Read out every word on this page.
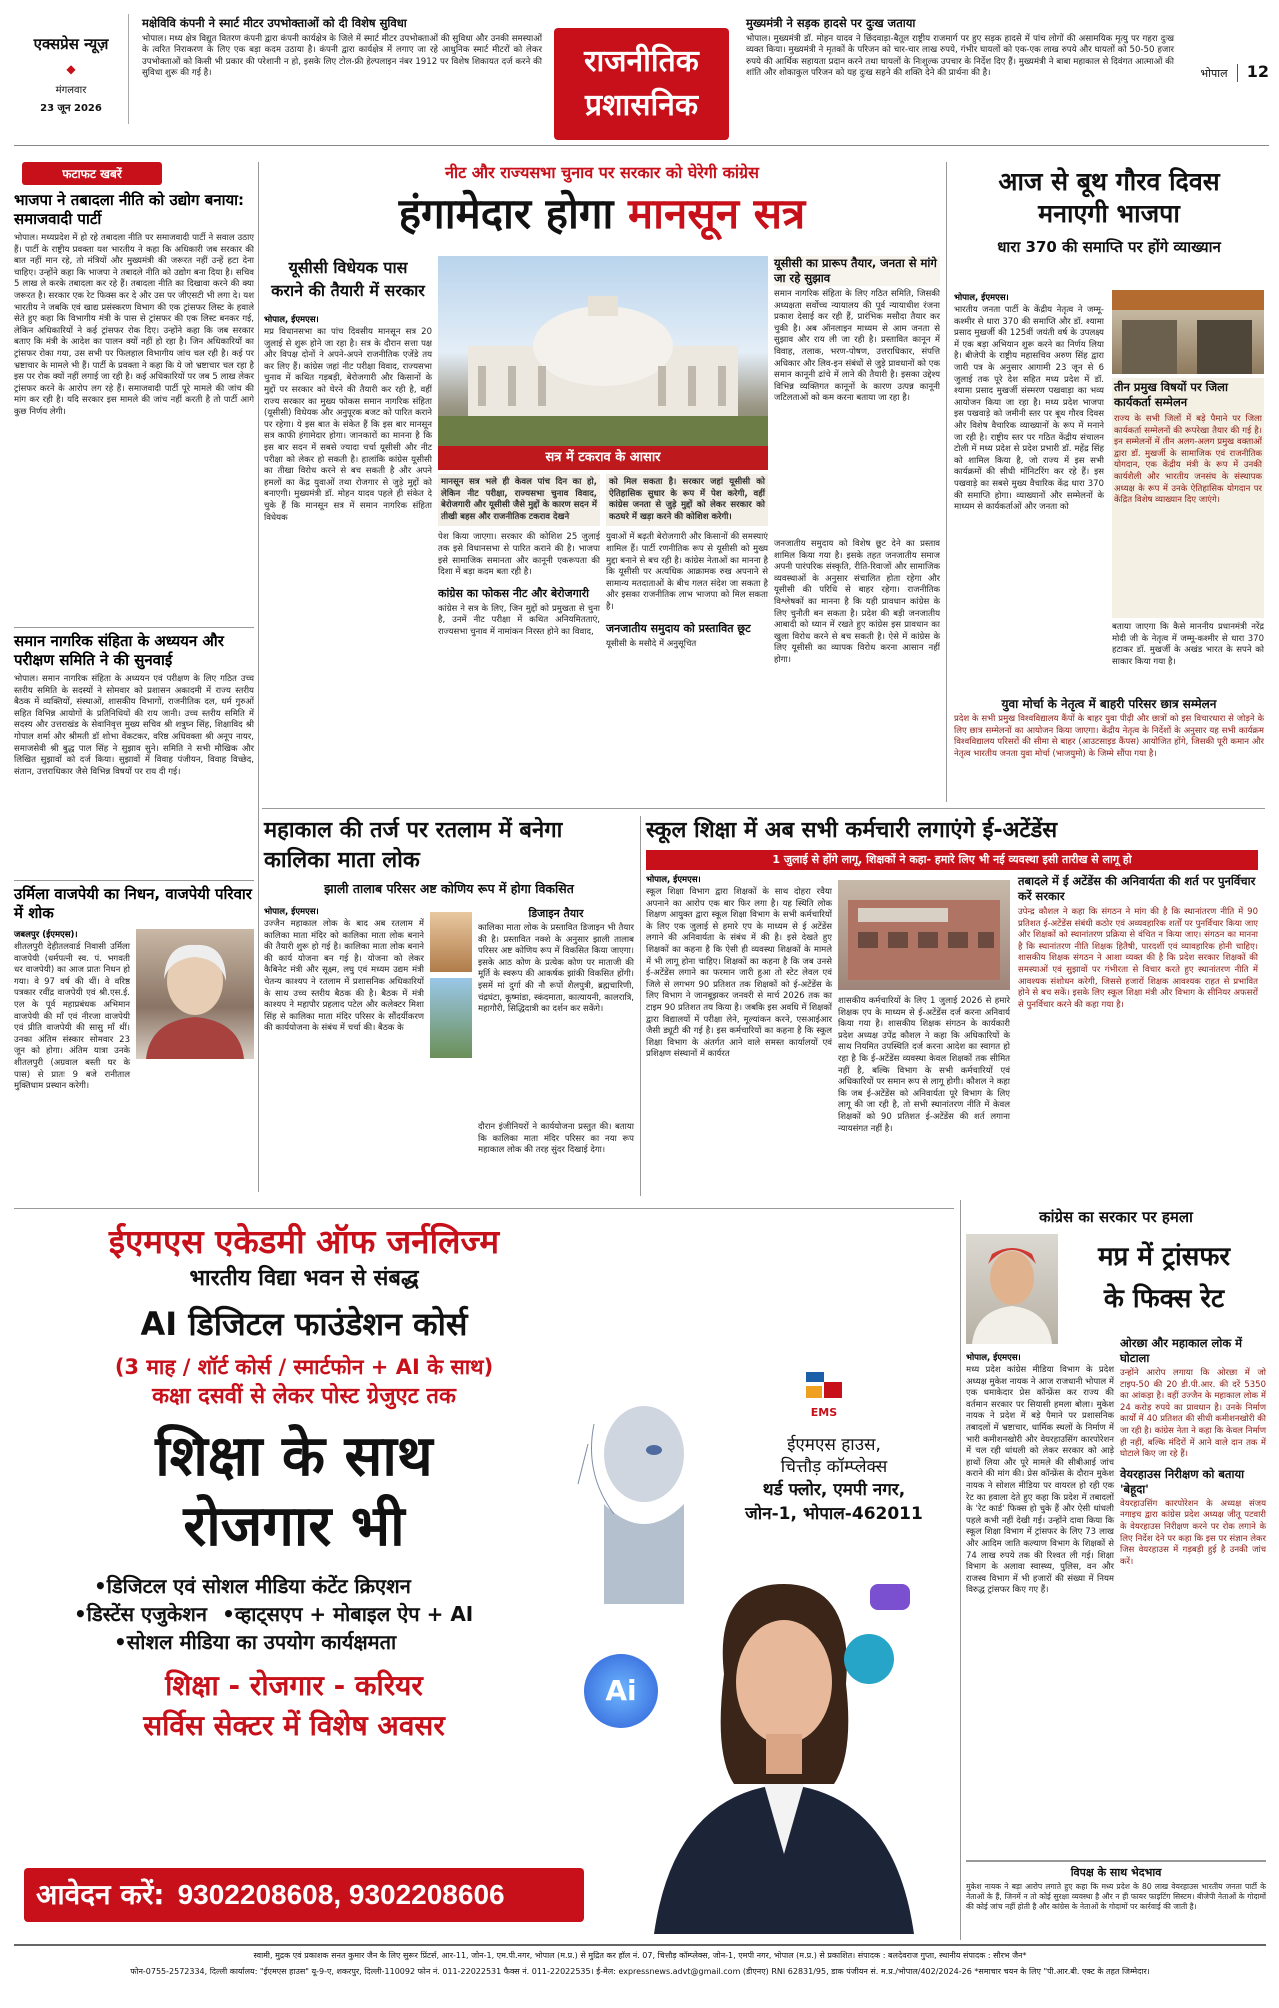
एक्सप्रेस न्यूज़
◆
मंगलवार
23 जून 2026
मक्षेविवि कंपनी ने स्मार्ट मीटर उपभोक्ताओं को दी विशेष सुविधा
भोपाल। मध्य क्षेत्र विद्युत वितरण कंपनी द्वारा कंपनी कार्यक्षेत्र के जिले में स्मार्ट मीटर उपभोक्ताओं की सुविधा और उनकी समस्याओं के त्वरित निराकरण के लिए एक बड़ा कदम उठाया है। कंपनी द्वारा कार्यक्षेत्र में लगाए जा रहे आधुनिक स्मार्ट मीटरों को लेकर उपभोक्ताओं को किसी भी प्रकार की परेशानी न हो, इसके लिए टोल-फ्री हेल्पलाइन नंबर 1912 पर विशेष शिकायत दर्ज करने की सुविधा शुरू की गई है।	राजनीतिक प्रशासनिक
मुख्यमंत्री ने सड़क हादसे पर दुःख जताया
भोपाल। मुख्यमंत्री डॉ. मोहन यादव ने छिंदवाड़ा-बैतूल राष्ट्रीय राजमार्ग पर हुए सड़क हादसे में पांच लोगों की असामयिक मृत्यु पर गहरा दुःख व्यक्त किया। मुख्यमंत्री ने मृतकों के परिजन को चार-चार लाख रुपये, गंभीर घायलों को एक-एक लाख रुपये और घायलों को 50-50 हजार रुपये की आर्थिक सहायता प्रदान करने तथा घायलों के निःशुल्क उपचार के निर्देश दिए हैं। मुख्यमंत्री ने बाबा महाकाल से दिवंगत आत्माओं की शांति और शोकाकुल परिजन को यह दुःख सहने की शक्ति देने की प्रार्थना की है।	भोपाल 12
फटाफट खबरें
भाजपा ने तबादला नीति को उद्योग बनाया: समाजवादी पार्टी
भोपाल। मध्यप्रदेश में हो रहे तबादला नीति पर समाजवादी पार्टी ने सवाल उठाए हैं। पार्टी के राष्ट्रीय प्रवक्ता यश भारतीय ने कहा कि अधिकारी जब सरकार की बात नहीं मान रहे, तो मंत्रियों और मुख्यमंत्री की जरूरत नहीं उन्हें हटा देना चाहिए। उन्होंने कहा कि भाजपा ने तबादले नीति को उद्योग बना दिया है। सचिव 5 लाख ले करके तबादला कर रहे हैं। तबादला नीति का दिखावा करने की क्या जरूरत है। सरकार एक रेट फिक्स कर दे और उस पर जीएसटी भी लगा दे। यश भारतीय ने जबकि एवं खाद्य प्रसंस्करण विभाग की एक ट्रांसफर लिस्ट के हवाले सेते हुए कहा कि विभागीय मंत्री के पास से ट्रांसफर की एक लिस्ट बनकर गई, लेकिन अधिकारियों ने कई ट्रांसफर रोक दिए। उन्होंने कहा कि जब सरकार बताए कि मंत्री के आदेश का पालन क्यों नहीं हो रहा है। जिन अधिकारियों का ट्रांसफर रोका गया, उस सभी पर फिलहाल विभागीय जांच चल रही है। कई पर भ्रष्टाचार के मामले भी हैं। पार्टी के प्रवक्ता ने कहा कि ये जो भ्रष्टाचार चल रहा है इस पर रोक क्यों नहीं लगाई जा रही है। कई अधिकारियों पर जब 5 लाख लेकर ट्रांसफर करने के आरोप लग रहे हैं। समाजवादी पार्टी पूरे मामले की जांच की मांग कर रही है। यदि सरकार इस मामले की जांच नहीं करती है तो पार्टी आगे कुछ निर्णय लेगी।
समान नागरिक संहिता के अध्ययन और परीक्षण समिति ने की सुनवाई
भोपाल। समान नागरिक संहिता के अध्ययन एवं परीक्षण के लिए गठित उच्च स्तरीय समिति के सदस्यों ने सोमवार को प्रशासन अकादमी में राज्य स्तरीय बैठक में व्यक्तियों, संस्थाओं, शासकीय विभागों, राजनीतिक दल, धर्म गुरुओं सहित विभिन्न आयोगों के प्रतिनिधियों की राय जानी। उच्च स्तरीय समिति में सदस्य और उत्तराखंड के सेवानिवृत्त मुख्य सचिव श्री शत्रुघ्न सिंह, शिक्षाविद श्री गोपाल शर्मा और श्रीमती डॉ शोभा वेंकटकर, वरिष्ठ अधिवक्ता श्री अनूप नायर, समाजसेवी श्री बुद्ध पाल सिंह ने सुझाव सुने। समिति ने सभी मौखिक और लिखित सुझावों को दर्ज किया। सुझावों में विवाह पंजीयन, विवाह विच्छेद, संतान, उत्तराधिकार जैसे विभिन्न विषयों पर राय दी गई।
उर्मिला वाजपेयी का निधन, वाजपेयी परिवार में शोक
जबलपुर (ईएमएस)।
शीतलपुरी देहीतलवार्ड निवासी उर्मिला वाजपेयी (धर्मपत्नी स्व. पं. भगवती धर वाजपेयी) का आज प्रातः निधन हो गया। वे 97 वर्ष की थीं। वे वरिष्ठ पत्रकार रवींद्र वाजपेयी एवं श्री.एस.ई. एल के पूर्व महाप्रबंधक अभिमान वाजपेयी की माँ एवं नीरजा वाजपेयी एवं प्रीति वाजपेयी की सासु माँ थीं। उनका अंतिम संस्कार सोमवार 23 जून को होगा। अंतिम यात्रा उनके शीतलपुरी (अग्रवाल बस्ती घर के पास) से प्रातः 9 बजे रानीताल मुक्तिधाम प्रस्थान करेगी।
नीट और राज्यसभा चुनाव पर सरकार को घेरेगी कांग्रेस
हंगामेदार होगा मानसून सत्र
यूसीसी विधेयक पास कराने की तैयारी में सरकार
भोपाल, ईएमएस।
मप्र विधानसभा का पांच दिवसीय मानसून सत्र 20 जुलाई से शुरू होने जा रहा है। सत्र के दौरान सत्ता पक्ष और विपक्ष दोनों ने अपने-अपने राजनीतिक एजेंडे तय कर लिए हैं। कांग्रेस जहां नीट परीक्षा विवाद, राज्यसभा चुनाव में कथित गड़बड़ी, बेरोजगारी और किसानों के मुद्दों पर सरकार को घेरने की तैयारी कर रही है, वहीं राज्य सरकार का मुख्य फोकस समान नागरिक संहिता (यूसीसी) विधेयक और अनुपूरक बजट को पारित कराने पर रहेगा। ये इस बात के संकेत हैं कि इस बार मानसून सत्र काफी हंगामेदार होगा। जानकारों का मानना है कि इस बार सदन में सबसे ज्यादा चर्चा यूसीसी और नीट परीक्षा को लेकर हो सकती है। हालांकि कांग्रेस यूसीसी का तीखा विरोध करने से बच सकती है और अपने हमलों का केंद्र युवाओं तथा रोजगार से जुड़े मुद्दों को बनाएगी। मुख्यमंत्री डॉ. मोहन यादव पहले ही संकेत दे चुके हैं कि मानसून सत्र में समान नागरिक संहिता विधेयक
सत्र में टकराव के आसार
मानसून सत्र भले ही केवल पांच दिन का हो, लेकिन नीट परीक्षा, राज्यसभा चुनाव विवाद, बेरोजगारी और यूसीसी जैसे मुद्दों के कारण सदन में तीखी बहस और राजनीतिक टकराव देखने
पेश किया जाएगा। सरकार की कोशिश 25 जुलाई तक इसे विधानसभा से पारित कराने की है। भाजपा इसे सामाजिक समानता और कानूनी एकरूपता की दिशा में बड़ा कदम बता रही है।
कांग्रेस का फोकस नीट और बेरोजगारी
कांग्रेस ने सत्र के लिए, जिन मुद्दों को प्रमुखता से चुना है, उनमें नीट परीक्षा में कथित अनियमितताएं, राज्यसभा चुनाव में नामांकन निरस्त होने का विवाद,
को मिल सकता है। सरकार जहां यूसीसी को ऐतिहासिक सुधार के रूप में पेश करेगी, वहीं कांग्रेस जनता से जुड़े मुद्दों को लेकर सरकार को कठघरे में खड़ा करने की कोशिश करेगी।
युवाओं में बढ़ती बेरोजगारी और किसानों की समस्याएं शामिल हैं। पार्टी रणनीतिक रूप से यूसीसी को मुख्य मुद्दा बनाने से बच रही है। कांग्रेस नेताओं का मानना है कि यूसीसी पर अत्यधिक आक्रामक रुख अपनाने से सामान्य मतदाताओं के बीच गलत संदेश जा सकता है और इसका राजनीतिक लाभ भाजपा को मिल सकता है।
जनजातीय समुदाय को प्रस्तावित छूट
यूसीसी के मसौदे में अनुसूचित
यूसीसी का प्रारूप तैयार, जनता से मांगे जा रहे सुझाव
समान नागरिक संहिता के लिए गठित समिति, जिसकी अध्यक्षता सर्वोच्च न्यायालय की पूर्व न्यायाधीश रंजना प्रकाश देसाई कर रही हैं, प्रारंभिक मसौदा तैयार कर चुकी है। अब ऑनलाइन माध्यम से आम जनता से सुझाव और राय ली जा रही है। प्रस्तावित कानून में विवाह, तलाक, भरण-पोषण, उत्तराधिकार, संपत्ति अधिकार और लिव-इन संबंधों से जुड़े प्रावधानों को एक समान कानूनी ढांचे में लाने की तैयारी है। इसका उद्देश्य विभिन्न व्यक्तिगत कानूनों के कारण उत्पन्न कानूनी जटिलताओं को कम करना बताया जा रहा है।
जनजातीय समुदाय को विशेष छूट देने का प्रस्ताव शामिल किया गया है। इसके तहत जनजातीय समाज अपनी पारंपरिक संस्कृति, रीति-रिवाजों और सामाजिक व्यवस्थाओं के अनुसार संचालित होता रहेगा और यूसीसी की परिधि से बाहर रहेगा। राजनीतिक विश्लेषकों का मानना है कि यही प्रावधान कांग्रेस के लिए चुनौती बन सकता है। प्रदेश की बड़ी जनजातीय आबादी को ध्यान में रखते हुए कांग्रेस इस प्रावधान का खुला विरोध करने से बच सकती है। ऐसे में कांग्रेस के लिए यूसीसी का व्यापक विरोध करना आसान नहीं होगा।
आज से बूथ गौरव दिवस
मनाएगी भाजपा
धारा 370 की समाप्ति पर होंगे व्याख्यान
भोपाल, ईएमएस।
भारतीय जनता पार्टी के केंद्रीय नेतृत्व ने जम्मू-कश्मीर से धारा 370 की समाप्ति और डॉ. श्यामा प्रसाद मुखर्जी की 125वीं जयंती वर्ष के उपलक्ष्य में एक बड़ा अभियान शुरू करने का निर्णय लिया है। बीजेपी के राष्ट्रीय महासचिव अरुण सिंह द्वारा जारी पत्र के अनुसार आगामी 23 जून से 6 जुलाई तक पूरे देश सहित मध्य प्रदेश में डॉ. श्यामा प्रसाद मुखर्जी संस्मरण पखवाड़ा का भव्य आयोजन किया जा रहा है। मध्य प्रदेश भाजपा इस पखवाड़े को जमीनी स्तर पर बूथ गौरव दिवस और विशेष वैचारिक व्याख्यानों के रूप में मनाने जा रही है। राष्ट्रीय स्तर पर गठित केंद्रीय संचालन टोली में मध्य प्रदेश से प्रदेश प्रभारी डॉ. महेंद्र सिंह को शामिल किया है, जो राज्य में इस सभी कार्यक्रमों की सीधी मॉनिटरिंग कर रहे हैं। इस पखवाड़े का सबसे मुख्य वैचारिक केंद्र धारा 370 की समाप्ति होगा। व्याख्यानों और सम्मेलनों के माध्यम से कार्यकर्ताओं और जनता को
तीन प्रमुख विषयों पर जिला कार्यकर्ता सम्मेलन
राज्य के सभी जिलों में बड़े पैमाने पर जिला कार्यकर्ता सम्मेलनों की रूपरेखा तैयार की गई है। इन सम्मेलनों में तीन अलग-अलग प्रमुख वक्ताओं द्वारा डॉ. मुखर्जी के सामाजिक एवं राजनीतिक योगदान, एक केंद्रीय मंत्री के रूप में उनकी कार्यशैली और भारतीय जनसंघ के संस्थापक अध्यक्ष के रूप में उनके ऐतिहासिक योगदान पर केंद्रित विशेष व्याख्यान दिए जाएंगे।
बताया जाएगा कि कैसे माननीय प्रधानमंत्री नरेंद्र मोदी जी के नेतृत्व में जम्मू-कश्मीर से धारा 370 हटाकर डॉ. मुखर्जी के अखंड भारत के सपने को साकार किया गया है।
युवा मोर्चा के नेतृत्व में बाहरी परिसर छात्र सम्मेलन
प्रदेश के सभी प्रमुख विश्वविद्यालय कैंपों के बाहर युवा पीढ़ी और छात्रों को इस विचारधारा से जोड़ने के लिए छात्र सम्मेलनों का आयोजन किया जाएगा। केंद्रीय नेतृत्व के निर्देशों के अनुसार यह सभी कार्यक्रम विश्वविद्यालय परिसरों की सीमा से बाहर (आउटसाइड कैंपस) आयोजित होंगे, जिसकी पूरी कमान और नेतृत्व भारतीय जनता युवा मोर्चा (भाजयुमो) के जिम्मे सौंपा गया है।
महाकाल की तर्ज पर रतलाम में बनेगा कालिका माता लोक
झाली तालाब परिसर अष्ट कोणिय रूप में होगा विकसित
भोपाल, ईएमएस।
उज्जैन महाकाल लोक के बाद अब रतलाम में कालिका माता मंदिर को कालिका माता लोक बनाने की तैयारी शुरू हो गई है। कालिका माता लोक बनाने की कार्य योजना बन गई है। योजना को लेकर कैबिनेट मंत्री और सूक्ष्म, लघु एवं मध्यम उद्यम मंत्री चेतन्य काश्यप ने रतलाम में प्रशासनिक अधिकारियों के साथ उच्च स्तरीय बैठक की है। बैठक में मंत्री काश्यप ने महापौर प्रहलाद पटेल और कलेक्टर मिशा सिंह से कालिका माता मंदिर परिसर के सौंदर्यीकरण की कार्ययोजना के संबंध में चर्चा की। बैठक के
डिजाइन तैयार
कालिका माता लोक के प्रस्तावित डिजाइन भी तैयार की है। प्रस्तावित नक्शे के अनुसार झाली तालाब परिसर अष्ट कोणिय रूप में विकसित किया जाएगा। इसके आठ कोण के प्रत्येक कोण पर माताजी की मूर्ति के स्वरूप की आकर्षक झांकी विकसित होंगी। इसमें मां दुर्गा की नौ रूपों शैलपुत्री, ब्रह्मचारिणी, चंद्रघंटा, कूष्मांडा, स्कंदमाता, कात्यायनी, कालरात्रि, महागौरी, सिद्धिदात्री का दर्शन कर सकेंगे।
दौरान इंजीनियरों ने कार्ययोजना प्रस्तुत की। बताया कि कालिका माता मंदिर परिसर का नया रूप महाकाल लोक की तरह सुंदर दिखाई देगा।
स्कूल शिक्षा में अब सभी कर्मचारी लगाएंगे ई-अटेंडेंस
1 जुलाई से होंगे लागू, शिक्षकों ने कहा- हमारे लिए भी नई व्यवस्था इसी तारीख से लागू हो
भोपाल, ईएमएस।
स्कूल शिक्षा विभाग द्वारा शिक्षकों के साथ दोहरा रवैया अपनाने का आरोप एक बार फिर लगा है। यह स्थिति लोक शिक्षण आयुक्त द्वारा स्कूल शिक्षा विभाग के सभी कर्मचारियों के लिए एक जुलाई से हमारे एप के माध्यम से ई अटेंडेंस लगाने की अनिवार्यता के संबंध में की है। इसे देखते हुए शिक्षकों का कहना है कि ऐसी ही व्यवस्था शिक्षकों के मामले में भी लागू होना चाहिए। शिक्षकों का कहना है कि जब उनसे ई-अटेंडेंस लगाने का फरमान जारी हुआ तो स्टेट लेवल एवं जिले से लगभग 90 प्रतिशत तक शिक्षकों को ई-अटेंडेंस के लिए विभाग ने जानबूझकर जनवरी से मार्च 2026 तक का टाइम 90 प्रतिशत तय किया है। जबकि इस अवधि में शिक्षकों द्वारा विद्यालयों में परीक्षा लेने, मूल्यांकन करने, एसआईआर जैसी ड्यूटी की गई है। इस कर्मचारियों का कहना है कि स्कूल शिक्षा विभाग के अंतर्गत आने वाले समस्त कार्यालयों एवं प्रशिक्षण संस्थानों में कार्यरत
शासकीय कर्मचारियों के लिए 1 जुलाई 2026 से हमारे शिक्षक एप के माध्यम से ई-अटेंडेंस दर्ज करना अनिवार्य किया गया है। शासकीय शिक्षक संगठन के कार्यकारी प्रदेश अध्यक्ष उपेंद्र कौशल ने कहा कि अधिकारियों के साथ नियमित उपस्थिति दर्ज करना आदेश का स्वागत हो रहा है कि ई-अटेंडेंस व्यवस्था केवल शिक्षकों तक सीमित नहीं है, बल्कि विभाग के सभी कर्मचारियों एवं अधिकारियों पर समान रूप से लागू होगी। कौशल ने कहा कि जब ई-अटेंडेंस को अनिवार्यता पूरे विभाग के लिए लागू की जा रही है, तो सभी स्थानांतरण नीति में केवल शिक्षकों को 90 प्रतिशत ई-अटेंडेंस की शर्त लगाना न्यायसंगत नहीं है।
तबादले में ई अटेंडेंस की अनिवार्यता की शर्त पर पुनर्विचार करें सरकार
उपेन्द्र कौशल ने कहा कि संगठन ने मांग की है कि स्थानांतरण नीति में 90 प्रतिशत ई-अटेंडेंस संबंधी कठोर एवं अव्यवहारिक शर्तों पर पुनर्विचार किया जाए और शिक्षकों को स्थानांतरण प्रक्रिया से वंचित न किया जाए। संगठन का मानना है कि स्थानांतरण नीति शिक्षक हितैषी, पारदर्शी एवं व्यावहारिक होनी चाहिए। शासकीय शिक्षक संगठन ने आशा व्यक्त की है कि प्रदेश सरकार शिक्षकों की समस्याओं एवं सुझावों पर गंभीरता से विचार करते हुए स्थानांतरण नीति में आवश्यक संशोधन करेगी, जिससे हजारों शिक्षक आवश्यक राहत से प्रभावित होने से बच सकें। इसके लिए स्कूल शिक्षा मंत्री और विभाग के सीनियर अफसरों से पुनर्विचार करने की कहा गया है।
ईएमएस एकेडमी ऑफ जर्नलिज्म
भारतीय विद्या भवन से संबद्ध
AI डिजिटल फाउंडेशन कोर्स
(3 माह / शॉर्ट कोर्स / स्मार्टफोन + AI के साथ)
कक्षा दसवीं से लेकर पोस्ट ग्रेजुएट तक
शिक्षा के साथ
रोजगार भी
•डिजिटल एवं सोशल मीडिया कंटेंट क्रिएशन
•डिस्टेंस एजुकेशन •व्हाट्सएप + मोबाइल ऐप + AI
•सोशल मीडिया का उपयोग कार्यक्षमता
शिक्षा - रोजगार - करियर
सर्विस सेक्टर में विशेष अवसर
आवेदन करें: 9302208608, 9302208606
EMS
ईएमएस हाउस,
चित्तौड़ कॉम्प्लेक्स
थर्ड फ्लोर, एमपी नगर,
जोन-1, भोपाल-462011
Ai
कांग्रेस का सरकार पर हमला
मप्र में ट्रांसफर
के फिक्स रेट
भोपाल, ईएमएस।
मध्य प्रदेश कांग्रेस मीडिया विभाग के प्रदेश अध्यक्ष मुकेश नायक ने आज राजधानी भोपाल में एक धमाकेदार प्रेस कॉन्फ्रेंस कर राज्य की वर्तमान सरकार पर सियासी हमला बोला। मुकेश नायक ने प्रदेश में बड़े पैमाने पर प्रशासनिक तबादलों में भ्रष्टाचार, धार्मिक स्थलों के निर्माण में भारी कमीशनखोरी और वेयरहाउसिंग कारपोरेशन में चल रही धांधली को लेकर सरकार को आड़े हाथों लिया और पूरे मामले की सीबीआई जांच कराने की मांग की। प्रेस कॉन्फ्रेंस के दौरान मुकेश नायक ने सोशल मीडिया पर वायरल हो रही एक रेट का हवाला देते हुए कहा कि प्रदेश में तबादलों के 'रेट कार्ड' फिक्स हो चुके हैं और ऐसी धांधली पहले कभी नहीं देखी गई। उन्होंने दावा किया कि स्कूल शिक्षा विभाग में ट्रांसफर के लिए 73 लाख और आदिम जाति कल्याण विभाग के शिक्षकों से 74 लाख रुपये तक की रिश्वत ली गई। शिक्षा विभाग के अलावा स्वास्थ्य, पुलिस, वन और राजस्व विभाग में भी हजारों की संख्या में नियम विरुद्ध ट्रांसफर किए गए हैं।
ओरछा और महाकाल लोक में घोटाला
उन्होंने आरोप लगाया कि ओरछा में जो टाइप-50 की 20 डी.पी.आर. की दरें 5350 का आंकड़ा है। वहीं उज्जैन के महाकाल लोक में 24 करोड़ रुपये का प्रावधान है। उनके निर्माण कार्यों में 40 प्रतिशत की सीधी कमीशनखोरी की जा रही है। कांग्रेस नेता ने कहा कि केवल निर्माण ही नहीं, बल्कि मंदिरों में आने वाले दान तक में घोटाले किए जा रहे हैं।
वेयरहाउस निरीक्षण को बताया 'बेहूदा'
वेयरहाउसिंग कारपोरेशन के अध्यक्ष संजय नगाइच द्वारा कांग्रेस प्रदेश अध्यक्ष जीतू पटवारी के वेयरहाउस निरीक्षण करने पर रोक लगाने के लिए निर्देश देने पर कहा कि इस पर संज्ञान लेकर जिस वेयरहाउस में गड़बड़ी हुई है उनकी जांच करें।
विपक्ष के साथ भेदभाव
मुकेश नायक ने बड़ा आरोप लगाते हुए कहा कि मध्य प्रदेश के 80 लाख वेयरहाउस भारतीय जनता पार्टी के नेताओं के हैं, जिनमें न तो कोई सुरक्षा व्यवस्था है और न ही फायर फाइटिंग सिस्टम। बीजेपी नेताओं के गोदामों की कोई जांच नहीं होती है और कांग्रेस के नेताओं के गोदामों पर कार्रवाई की जाती है।
स्वामी, मुद्रक एवं प्रकाशक सनत कुमार जैन के लिए सुरूर प्रिंटर्स, आर-11, जोन-1, एम.पी.नगर, भोपाल (म.प्र.) से मुद्रित कर हॉल नं. 07, चित्तौड़ कॉम्प्लेक्स, जोन-1, एमपी नगर, भोपाल (म.प्र.) से प्रकाशित। संपादक : बलदेवराज गुप्ता, स्थानीय संपादक : सौरभ जैन*
फोन-0755-2572334, दिल्ली कार्यालय: "ईएमएस हाउस" यू-9-ए, शकरपुर, दिल्ली-110092 फोन नं. 011-22022531 फैक्स नं. 011-22022535। ई-मेल: expressnews.advt@gmail.com (डीएनए) RNI 62831/95, डाक पंजीयन सं. म.प्र./भोपाल/402/2024-26 *समाचार चयन के लिए "पी.आर.बी. एक्ट के तहत जिम्मेदार।
